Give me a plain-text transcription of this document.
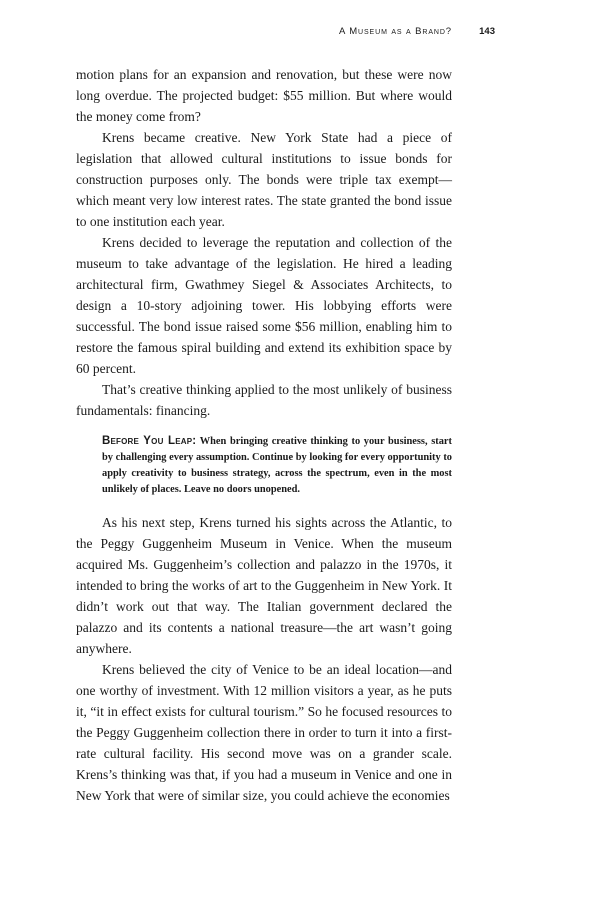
A Museum as a Brand?	143

motion plans for an expansion and renovation, but these were now long overdue. The projected budget: $55 million. But where would the money come from?

Krens became creative. New York State had a piece of legislation that allowed cultural institutions to issue bonds for construction purposes only. The bonds were triple tax exempt—which meant very low interest rates. The state granted the bond issue to one institution each year.

Krens decided to leverage the reputation and collection of the museum to take advantage of the legislation. He hired a leading architectural firm, Gwathmey Siegel & Associates Architects, to design a 10-story adjoining tower. His lobbying efforts were successful. The bond issue raised some $56 million, enabling him to restore the famous spiral building and extend its exhibition space by 60 percent.

That’s creative thinking applied to the most unlikely of business fundamentals: financing.

Before You Leap: When bringing creative thinking to your business, start by challenging every assumption. Continue by looking for every opportunity to apply creativity to business strategy, across the spectrum, even in the most unlikely of places. Leave no doors unopened.

As his next step, Krens turned his sights across the Atlantic, to the Peggy Guggenheim Museum in Venice. When the museum acquired Ms. Guggenheim’s collection and palazzo in the 1970s, it intended to bring the works of art to the Guggenheim in New York. It didn’t work out that way. The Italian government declared the palazzo and its contents a national treasure—the art wasn’t going anywhere.

Krens believed the city of Venice to be an ideal location—and one worthy of investment. With 12 million visitors a year, as he puts it, “it in effect exists for cultural tourism.” So he focused resources to the Peggy Guggenheim collection there in order to turn it into a first-rate cultural facility. His second move was on a grander scale. Krens’s thinking was that, if you had a museum in Venice and one in New York that were of similar size, you could achieve the economies
